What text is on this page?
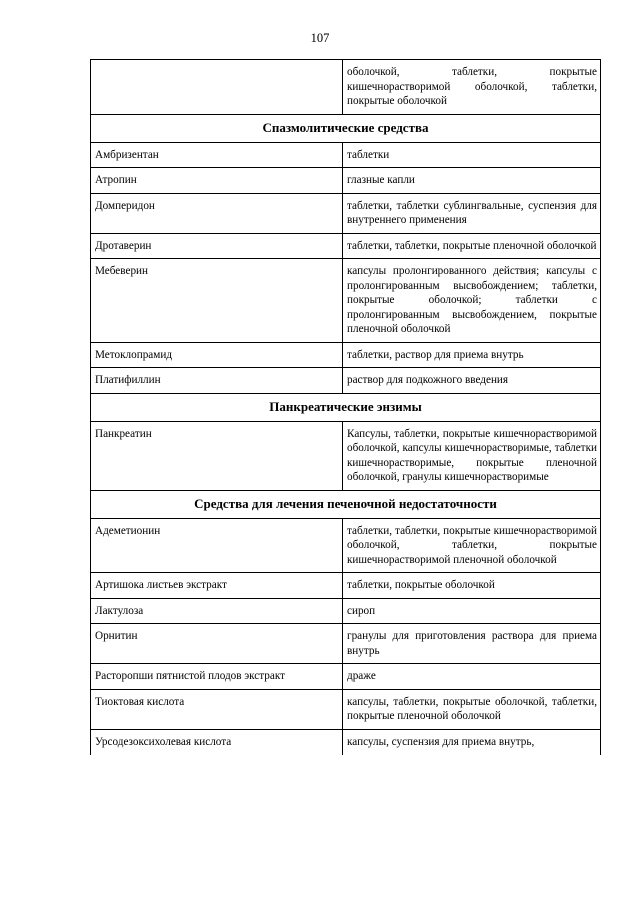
107
	оболочкой, таблетки, покрытые кишечнорастворимой оболочкой, таблетки, покрытые оболочкой
Спазмолитические средства	
Амбризентан	таблетки
Атропин	глазные капли
Домперидон	таблетки, таблетки сублингвальные, суспензия для внутреннего применения
Дротаверин	таблетки, таблетки, покрытые пленочной оболочкой
Мебеверин	капсулы пролонгированного действия; капсулы с пролонгированным высвобождением; таблетки, покрытые оболочкой; таблетки с пролонгированным высвобождением, покрытые пленочной оболочкой
Метоклопрамид	таблетки, раствор для приема внутрь
Платифиллин	раствор для подкожного введения
Панкреатические энзимы	
Панкреатин	Капсулы, таблетки, покрытые кишечнорастворимой оболочкой, капсулы кишечнорастворимые, таблетки кишечнорастворимые, покрытые пленочной оболочкой, гранулы кишечнорастворимые
Средства для лечения печеночной недостаточности	
Адеметионин	таблетки, таблетки, покрытые кишечнорастворимой оболочкой, таблетки, покрытые кишечнорастворимой пленочной оболочкой
Артишока листьев экстракт	таблетки, покрытые оболочкой
Лактулоза	сироп
Орнитин	гранулы для приготовления раствора для приема внутрь
Расторопши пятнистой плодов экстракт	драже
Тиоктовая кислота	капсулы, таблетки, покрытые оболочкой, таблетки, покрытые пленочной оболочкой
Урсодезоксихолевая кислота	капсулы, суспензия для приема внутрь,
